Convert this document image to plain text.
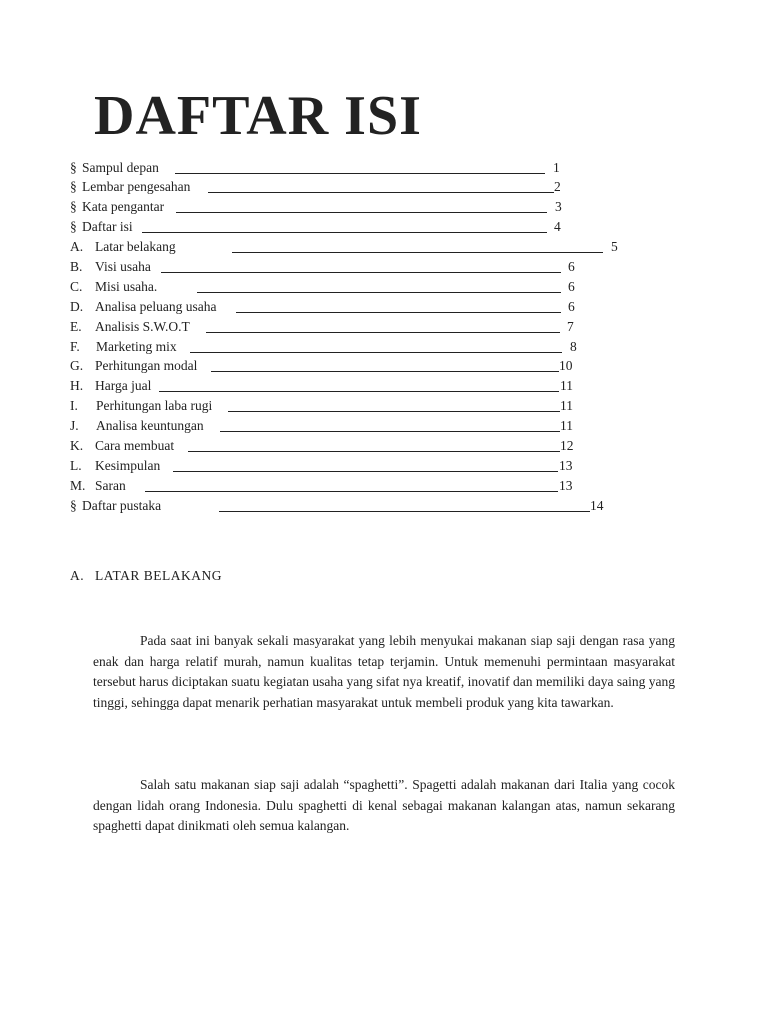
DAFTAR ISI
§ Sampul depan	1
§ Lembar pengesahan	2
§ Kata pengantar	3
§ Daftar isi	4
A. Latar belakang	5
B. Visi usaha	6
C. Misi usaha.	6
D. Analisa peluang usaha	6
E. Analisis S.W.O.T	7
F. Marketing mix	8
G. Perhitungan modal	10
H. Harga jual	11
I. Perhitungan laba rugi	11
J. Analisa keuntungan	11
K. Cara membuat	12
L. Kesimpulan	13
M. Saran	13
§ Daftar pustaka	14
A. LATAR BELAKANG

Pada saat ini banyak sekali masyarakat yang lebih menyukai makanan siap saji dengan rasa yang enak dan harga relatif murah, namun kualitas tetap terjamin. Untuk memenuhi permintaan masyarakat tersebut harus diciptakan suatu kegiatan usaha yang sifat nya kreatif, inovatif dan memiliki daya saing yang tinggi, sehingga dapat menarik perhatian masyarakat untuk membeli produk yang kita tawarkan.

Salah satu makanan siap saji adalah “spaghetti”. Spagetti adalah makanan dari Italia yang cocok dengan lidah orang Indonesia. Dulu spaghetti di kenal sebagai makanan kalangan atas, namun sekarang spaghetti dapat dinikmati oleh semua kalangan.
